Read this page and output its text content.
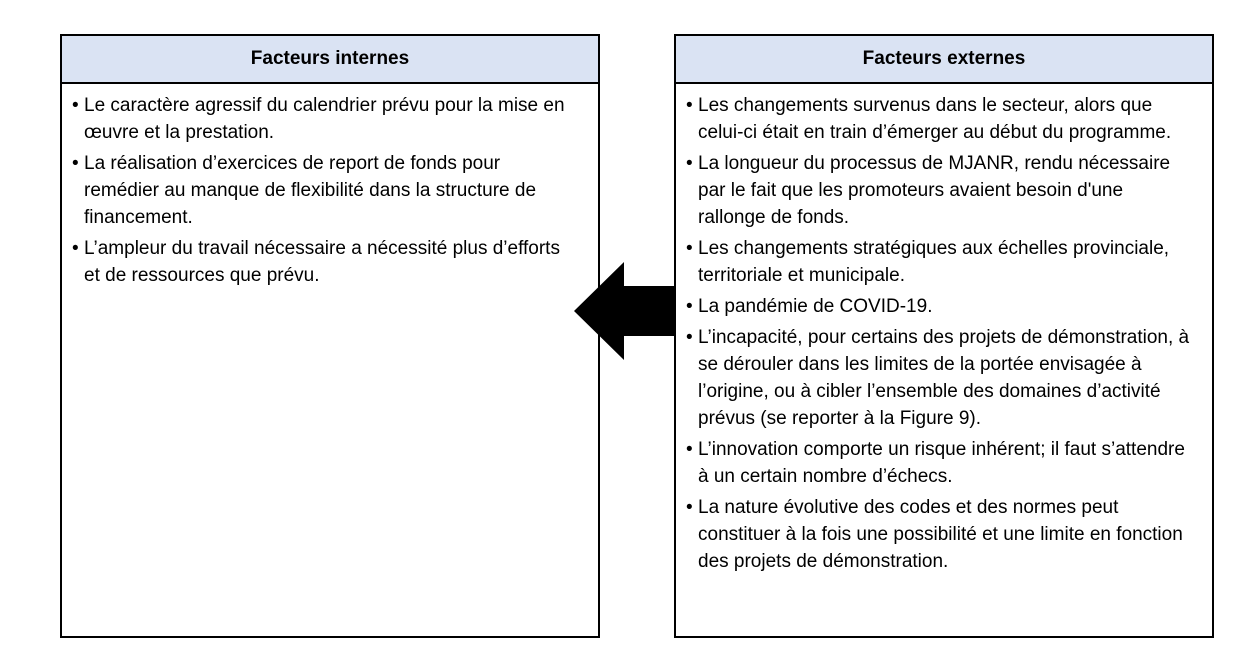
Facteurs internes
• Le caractère agressif du calendrier prévu pour la mise en œuvre et la prestation.
• La réalisation d’exercices de report de fonds pour remédier au manque de flexibilité dans la structure de financement.
• L’ampleur du travail nécessaire a nécessité plus d’efforts et de ressources que prévu.
Facteurs externes
• Les changements survenus dans le secteur, alors que celui-ci était en train d’émerger au début du programme.
• La longueur du processus de MJANR, rendu nécessaire par le fait que les promoteurs avaient besoin d'une rallonge de fonds.
• Les changements stratégiques aux échelles provinciale, territoriale et municipale.
• La pandémie de COVID-19.
• L’incapacité, pour certains des projets de démonstration, à se dérouler dans les limites de la portée envisagée à l’origine, ou à cibler l’ensemble des domaines d’activité prévus (se reporter à la Figure 9).
• L’innovation comporte un risque inhérent; il faut s’attendre à un certain nombre d’échecs.
• La nature évolutive des codes et des normes peut constituer à la fois une possibilité et une limite en fonction des projets de démonstration.
